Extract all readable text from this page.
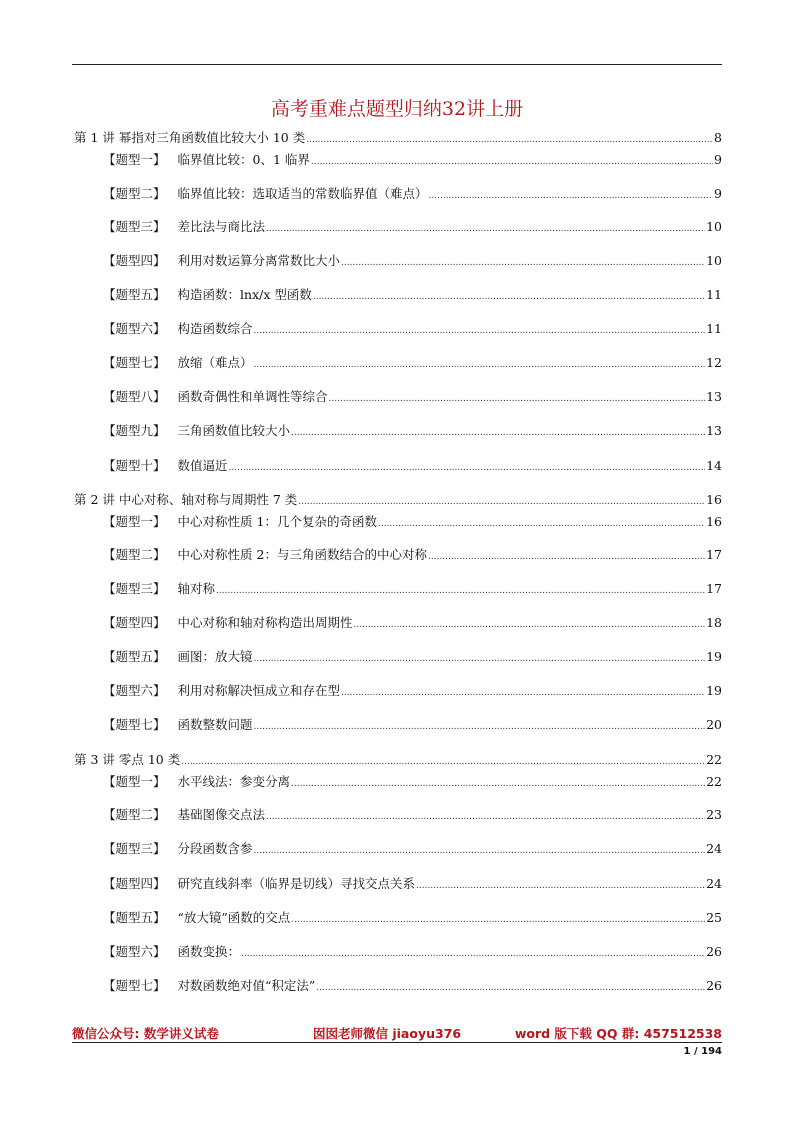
高考重难点题型归纳32讲上册
第 1 讲 幂指对三角函数值比较大小 10 类 .....	8
【题型一】 临界值比较：0、1 临界 .....	9
【题型二】 临界值比较：选取适当的常数临界值（难点） .....	9
【题型三】 差比法与商比法 .....	10
【题型四】 利用对数运算分离常数比大小 .....	10
【题型五】 构造函数：lnx/x 型函数 .....	11
【题型六】 构造函数综合 .....	11
【题型七】 放缩（难点） .....	12
【题型八】 函数奇偶性和单调性等综合 .....	13
【题型九】 三角函数值比较大小 .....	13
【题型十】 数值逼近 .....	14
第 2 讲 中心对称、轴对称与周期性 7 类 .....	16
【题型一】 中心对称性质 1：几个复杂的奇函数 .....	16
【题型二】 中心对称性质 2：与三角函数结合的中心对称 .....	17
【题型三】 轴对称 .....	17
【题型四】 中心对称和轴对称构造出周期性 .....	18
【题型五】 画图：放大镜 .....	19
【题型六】 利用对称解决恒成立和存在型 .....	19
【题型七】 函数整数问题 .....	20
第 3 讲 零点 10 类 .....	22
【题型一】 水平线法：参变分离 .....	22
【题型二】 基础图像交点法 .....	23
【题型三】 分段函数含参 .....	24
【题型四】 研究直线斜率（临界是切线）寻找交点关系 .....	24
【题型五】 “放大镜”函数的交点 .....	25
【题型六】 函数变换： .....	26
【题型七】 对数函数绝对值“积定法” .....	26
微信公众号: 数学讲义试卷	囡囡老师微信 jiaoyu376	word 版下载 QQ 群: 457512538
1 / 194
